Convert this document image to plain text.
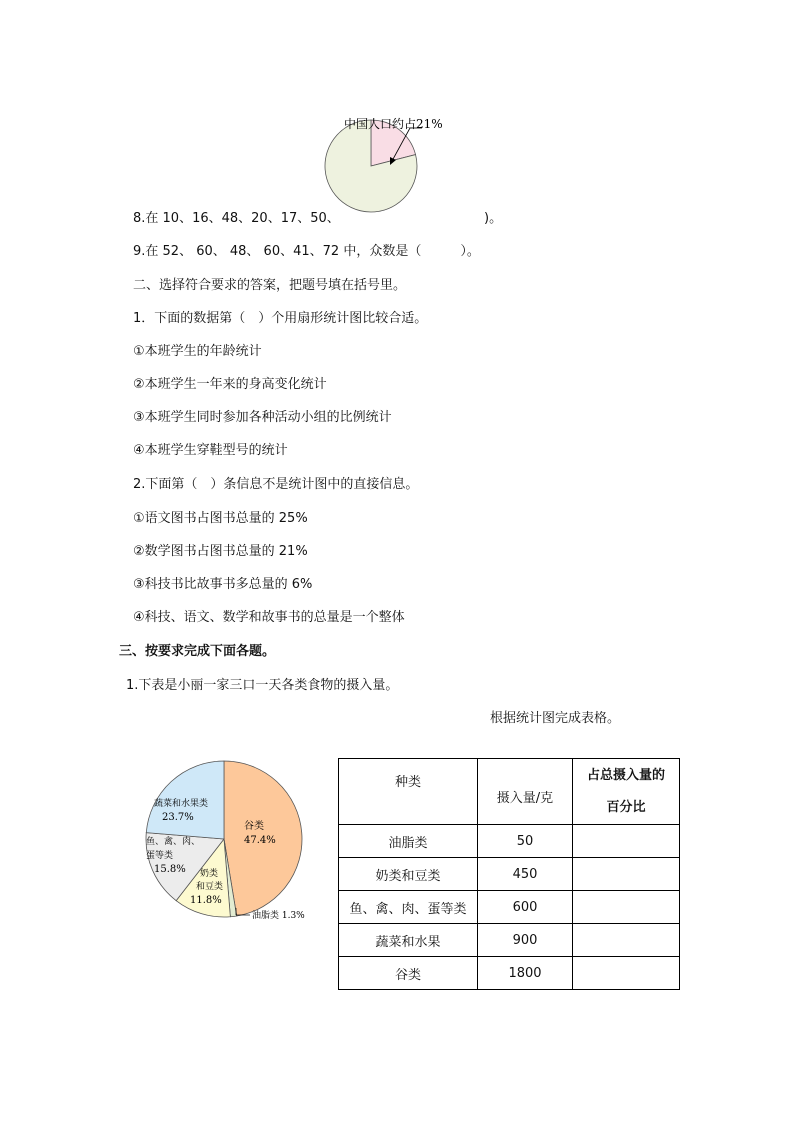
中国人口约占21%
8.在 10、16、48、20、17、50、	)。
9.在 52、 60、 48、 60、41、72 中，众数是（　　　）。
二、选择符合要求的答案，把题号填在括号里。
1．下面的数据第（　）个用扇形统计图比较合适。
①本班学生的年龄统计
②本班学生一年来的身高变化统计
③本班学生同时参加各种活动小组的比例统计
④本班学生穿鞋型号的统计
2.下面第（　）条信息不是统计图中的直接信息。
①语文图书占图书总量的 25%
②数学图书占图书总量的 21%
③科技书比故事书多总量的 6%
④科技、语文、数学和故事书的总量是一个整体
三、按要求完成下面各题。
1.下表是小丽一家三口一天各类食物的摄入量。
根据统计图完成表格。
谷类
47.4%
蔬菜和水果类
23.7%
鱼、禽、肉、
蛋等类
15.8% 奶类
和豆类
11.8%
油脂类 1.3%
种类	摄入量/克	占总摄入量的
百分比
油脂类	50	
奶类和豆类	450	
鱼、禽、肉、蛋等类	600	
蔬菜和水果	900	
谷类	1800	
